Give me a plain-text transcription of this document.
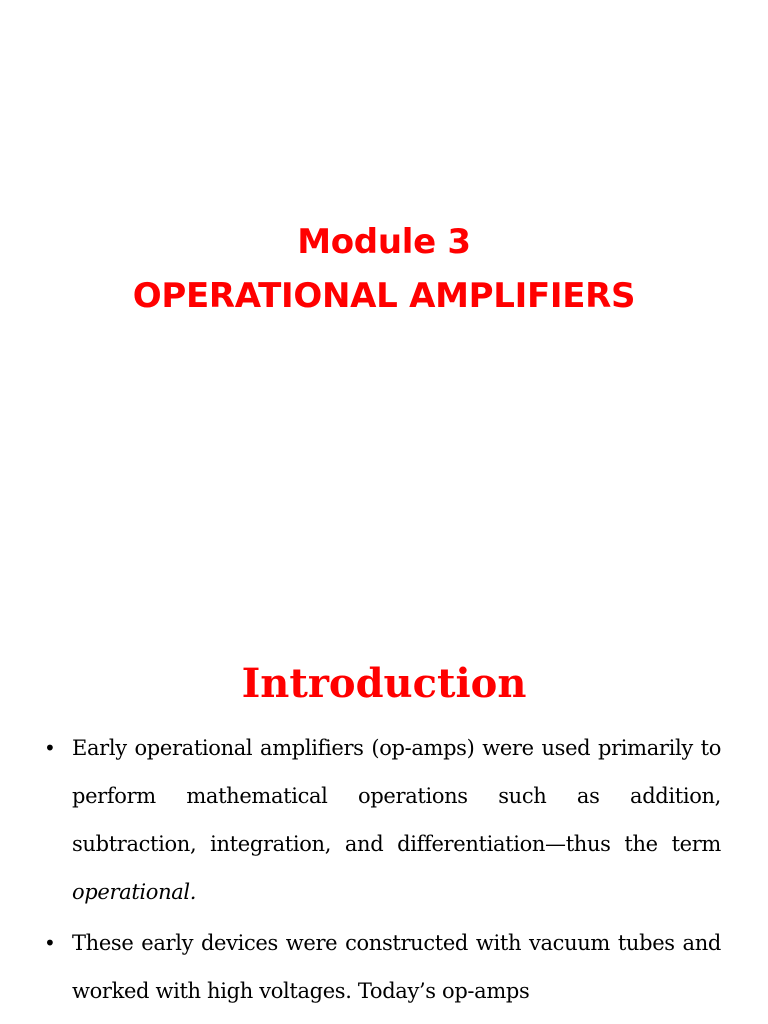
Module 3
OPERATIONAL AMPLIFIERS
Introduction
• Early operational amplifiers (op-amps) were used primarily to perform mathematical operations such as addition, subtraction, integration, and differentiation—thus the term operational.
• These early devices were constructed with vacuum tubes and worked with high voltages. Today’s op-amps
